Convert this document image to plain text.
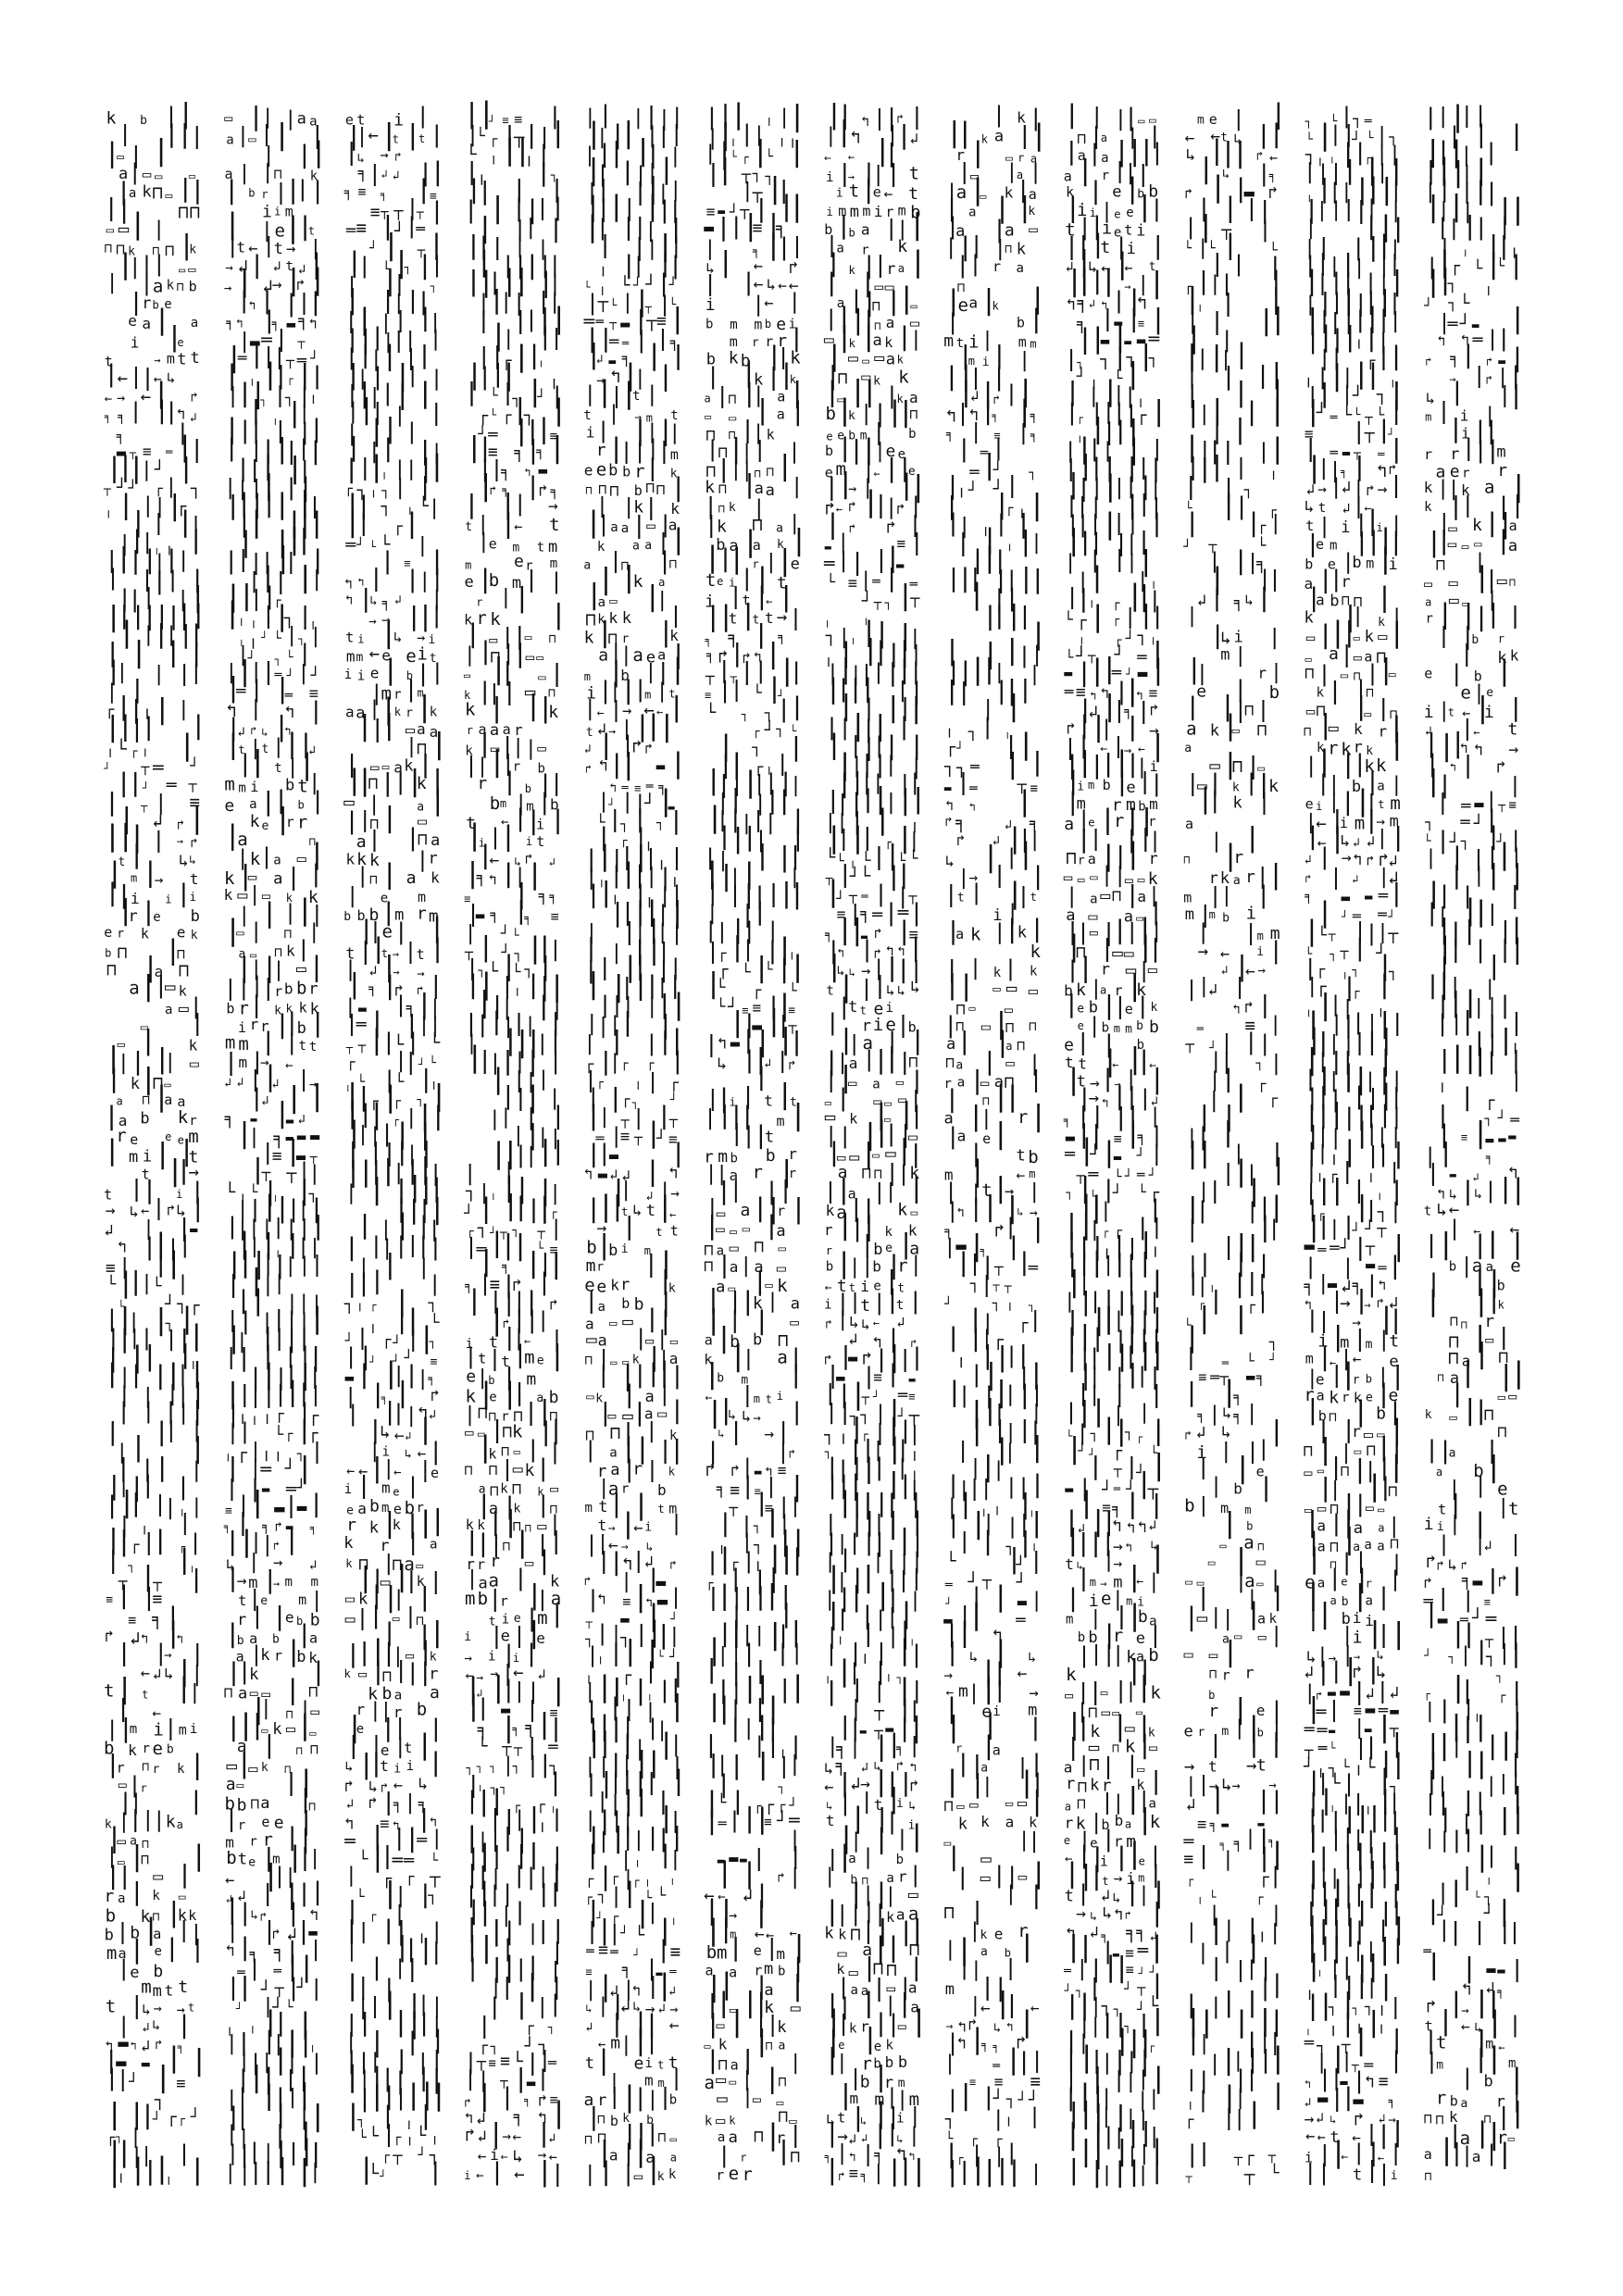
k b | |
| |
|
|
|
▭ | |
a | ▭ ▭ ▭
|
a k ⊓ ▭ |
|
|
|	⊓ ⊓
▭ ▭ | |
⊓ ⊓ k ⊓ ⊓ |
k
|
|
|
| ▭ ▭
| | a k ⊓ b
|
r b e
e a | a
i |
e
t	→ m t t
|
← |
|
← ↳
← → ← | ↱
╕ ╕ | |
|
↰ ↲
╕ |
▬ ┬ ≡ ═ |
|
|
|
|
| ┘ |
┬ ┘ ┘ ┌ | ┐
╷ | | | |
┌
| | |
|
|
|
| ╷ ╷ |
|
|
|
|
|
|
|
| |
| | |
|
| | | |
|
|
|
|
|
|
|
|
| |
|
| |
|
| | | |
|
| | |
|
| |
┌ |
|
╷ | |
|
|
|
| |
╷ └ ┌ ╷ |
┘ ┬ ═ ┘
|
| ┘ ═ ┬
| ┬ | ≡
| ↲ ↱ |
|
|
| | → ↱
t | ↳ ↳
| m |
→ t
|
|
i i |
i
|
r |
e b
e r k e k
b ⊓ |
⊓
⊓ |
a ⊓
a |
|
▭ k
a ▭ |
▭ |
▭ | k
|
| | |
| ▭
| k |
⊓ ▭
a ⊓ |
a a
|
a b k r
r e e e m
| m i | |
t
t |
|
→
t |
| i |
→ ↳ ← | ↱ ↳ |
↲ | |
▬
↰ |
|
|
|
≡ | |
|
└ |
|
| └ |
└ ┘ ┐ ┌
|
|
| |
┐ |
|
|
| | | |
|
| |
| |
╷
|
|
| |
|
| |
| | |
| |
| | | | |
| |
| |
| | |
| | | |
|
| |
| |
|
|
| |
| ╷ |
| ╷ |
|
|
┌ |
| ┌ |
| ┐ |
╷
┬ |
┬ |
≡ | |
≡
≡ ╕ |
↱ ↲ ↰ |
↰
| |
→ |
← ↲ ↳ |
|
t | t |
|
| ←
| |
m i | m i
b k r e b
|
r ⊓ r k |
▭ |
r
|
| |
k |
| |
| k a
|
▭ a ⊓
| ▭ |
⊓ |
|
| ▭ |
r a | k ▭
b k ⊓ |
k k
b | b |
a | |
m a | e | |
| e b
m m t t
t |
↳ → → t
| ↲ ↳ |
↰ ▬ ↰ ↲ ↱ ╕
|
▬ ▬ | |
|
| ┘ | ≡
┐
| |
|
┘ ┌ ┌ ┘
┌ ┐ |
|
|
|
| |
|
╷ |
|
|
╷ |
▭ |
| | a a
a |
▭ | | |
| |
|
a | | ⊓ k
| b r |
|
| |
i i m
| | e |
|
t
|
t ← |
t → |
→ ↲ | ↲ t ↲ |
→ | ↲
→ |
↱ |
|
↰ | |
|
|
╕ ↰ |
╕ ▬ ╕ ↰
|
▬ ═ | ┬
|
═ |
|
| ┬ ═ ┘
| ╷ |
|
┌ |
|
|
|
|
┐ |
┐ |
╷
| ╷ |
|
|
|
| | |
|
| |
|
|
|
|
|
|
|
| |
|
| | |
| | |
|
|
|
|
| |
|
|
| |
|
|
| |
|
|
|
| |
| |
| |
| |
| |
|
|
|
| |
┌
|
╷ ╷ |
|
┐ |
╷
╷ ╷ ┘ └ | ┐ |
|
┘ ┐ └ |
| |
|
|
═ ┘ | ┘
|
═ | |
═ ≡
↰ | ↰ |
|
↲ ↱ ↳ |
↰
|
t | t | |
|
↲
|
| t | |
m m i b t |
e a |
| b |
k e |
r r
|
a	⊓
| k | a ▭ |
k |
▭ a | |
k ▭ | ▭ k k
| | | |
|
|
▭ | ⊓ |
a ▭ ⊓ k |
|
| |
| ▭ |
| | |
|
r b b r
b r | k k k k
i r r |
|
b |
m m | | t t
| m |
→ ←
↲ ↲ | |
↲ |
→
|
↲ | |
╕ ▬ |
▬ ↲
|
| ╕ ▬ ▬ ▬
|
≡ |
▬ ┬
|
┬ ┬ |
|
└ ╷ └ |
╷ |
┐
| | |
|
|
| |
|
| | |
| | | |
|
| |
╷ |
|
|
|
|
|
|
|
| | |
| |
|
|
|
| | | |
| | |
| | |
|
|
| |
|
|
|
|
| | | |
|
|
|
|
|
|
|
|
|
| |
|
|
|
|
|
╷ ╷ ╷ ┌ |
┌
|
| └ ┌ |
┌
╷ ┌ | ╷ ╷ ┐ |
| | ═ ┘ |
| | ▬ ═ ┘
≡ |
| ▬ |
▬ |
╕ | ╕ ↱ ▬ ╕
|
|
|
| ↱ |
↳ | → ↲
|
→ m |
→ m m
t |
e m |
r | |
e b b
|
b a b |
a
a |
k r |
b k
|
|
k |
⊓ a ▭ ▭ | ⊓
|
| ⊓ |
▭
|
|
|
▭ k ▭ |
▭
a | ⊓ ⊓
▭ |
▭ k ⊓
a ▭ |
|
b b ⊓ a |
⊓
| r e e |
m r r |
|
b t e |
m |
|
|
← |
|
|
↲ ↲ | |
|
|
|
|
↳ ↱ | ↰
| |
↱ ↲
|
▬
↰ |
╕ ╕ | |
═ | ═ |
|
|
| ┘ ┬ |
┘ |
┘ |
┘ └
╷ ╷ |
| |
|
| |
|
|
|
╷
|
|
| |
| |
|
|
| |
|
|
| |
|
|
|
|
| | |
|
| | | |
|
|
| |
|
|
|
|
| |
|
|
| |
|
e t i |
|
| ← |
t |
t |
|
↳ → ↱
╕ | ↲ ↲ |
|
╕ ≡ ╕ |
≡
≡ ┬ ┬ |
┬ |
═ ≡ |
┘ |
═
┘ | ┬ |
|
| └ |
┐ |
|
| |
| ┐
| |
| |
|
|
| | | |
|
|
|
|
|
|
| |
| |
| | | |
|
| | |
| |
|
|
| | | |
|
|
| | |
| |
| |
| | | |
|
|
|
|
╷ | | |
|
┌ ┐ ╷ ┐ | |
|
| ┐ ╷ └ |
|
| ┌ |
═ ┘ └ └ |
| ≡ |
↰ ↰ | |
| |
↰ |
↳ ╕ ↲ |
→ → |
|
|
t i |
↳ → i
m m ← e e i t
i i e | b | |
|
m r |
m
a a | |
k r |
k
|
|
| ▭ a a
|
⊓ |
| ▭ ▭ a k |
|
|
⊓ |
|
|
k |
▭ |	a |
| |
⊓ | ▭
a | |
⊓ a
k k k | r
| ⊓ | a k
| e m
b b b |
m r m
|
| e | |
t |
|
t → |
t |
| ↲ |
→ →
| ╕ |
↱ ↱ |
| ▬ |
╕ |
|
|
═ | |
|
|
┬ ┬ |
|
└ | └
┌ |
| ┘ └
╷ └ |
└ |
╷
|
|
┌ |
┌ ┐ |
|
|
| ┌ |
|
|
|
| |
| | |
| | |
|
| |
|
|
|
|
| |
|
|
| | |
|
|
|
|
|
|
|
| | | |
|
| |
| |
|
|
|
| | |
|
|
| |
┐ ╷ ┌ | ┐
╷ |
| └
┘ | ┌ ┘ |
|
┐
| |
┘ ┘ ┘ ≡
▬ | |
| |
|
╕
| |
╕ | ↱
| |
| | ↰ ↲
|
↳ ← ↲ |
| i ↳ ← |
← ← |
|
← |
e
i | m e |
e a b m e b r
r k |
k |
|
|
k r | a
k ⊓ |
⊓ a ▭
|
|
▭ |
|
k |
▭ k |
|
| |
▭ | | ▭ |
⊓
| |
|
|
|
|
|
| ▭ |
k
k ▭ |
⊓ |
|
|
r
k b a a
r |
| r b
|
e |
| |
| |
e |
t |
↳ |
|
t i i |
↱ ↳ ↱ ← ↳
↲ ↱ |
╕ | ╕
↰ ≡ ↰ |
↰
═ | |
|
═ |
└ |
|
═ ═ └
| ┌ ┌ ┬
└ |
| |
┐
| ┌ |
|
| |
| ╷ |
| |
| |
|
| |
|
|
| |
|
| | |
| |
|
| |
|
| |
| | | |
|
|
| | | |
|
|
|
|
| |
|
|
|
|
|
|
|
|
|
┐ | ╷ |
└ └ |
┌ ╷ └ ╷
┌ ┬ ┘ ┐
|
└ ┘ |
|
|
┘ ≡ ≡ |
|
└ ┌ |
┬ |
|
|
└ ╷ |
|
╷ |
|
╷ | ┐
|
| | |
| | |
|
| |
| |
| |
|
| | | |
| |
|
|
|
|
|
|
|
|
| |
|
|
|
| | |
|
| |
|
|
|
|
| |
|
| |
┌ |
|
╷
|
|
|
| ╷
| └ |
┐ |
┘ |
┌ └ ┌ |
┐ |
┘ ═ |
|
|
≡
|
|
≡ ╕ |
╕ |
|
|
╕ ↰ ▬
|
↱ ╕ |
↱ ╕
| |
| →
t | |
← t
|
e m t m
m	e r m
e |
b m | |
r | |
k r k |
| ▭ |
|
▭ ⊓
| |
⊓ |
|
▭ ▭
▭ |
| ▭ |
k |
| | ▭ ⊓
k | |
|
k
r a a a r
k |
▭ |
| | ▭
|
| |
|
r b
r | b |
|
b m |
m |
b
t ← |
|
i |
|
i |
| i t
|
← ↳ ↱ ↲
|
╕ ↰ |
| |
≡ | ╕ ╕
|
▬ ╕ |
╕ ≡
| ┘ └
┬ | ┘ ┐ |
|
|
| ┐ └ |
└ ┐ |
|
| |
╷ |
|
|
|
|
| |
|
|
| |
|
|
| |
| |
|
|
| |
|
|
|
|
|
| |
| |
| |
|
|
| |
|
| | |
| |
| |
|
|
|
| |
|
| |
┐ | ╷ |
| |
|
┘ | |
|
|
|
┌
┌ ┐ ┘ ┬ ┐ ┬ |
|
═ |
|
| └ ≡
| ╕ |
|
|
╕ |
≡ |
↱ |
| |
|
|
| ↱
|
↱ |
|
|
i t |
|
← |
| t | t |
m e |
e | b | m
k |
e |
| a b
| ⊓ ⊓ r ⊓ |
|
⊓
▭ ▭ |
⊓ k |
|
|
k ⊓ ▭ | |
⊓ ⊓ |
▭ k |
a ⊓ k ⊓ k ▭
|
a |
k | ⊓
k k |
|
⊓ ⊓ ▭ |
|
|
| ⊓ | | |
r r r ▭ |
| a a | k
m b |
r |
| a
t i e |
m |
i |
e | |
e
→ i |
i |
← → → |
← ↲
|
↲ |
|
| | |
|
| ▬ | ≡
╕ |
╕ ╕ |
|
└ ┬ ┬ | ═
┐ ┐ ┐ |
┐ |
|
┐
|
╷ ┐ ┐ |
|
|
| ┌ ┌ ╷
|
|
| |
╷ |
|
| |
|
|
|
|
| |
| |
|
| | |
|
|
|
|
|
|
| |
|
|
| | |
| |
| |
| |
|
| | |
| |
|
|
| |
|
| | |
| | | |
| ┌ ┐
┌ ┐ ┘ ┐
|
┬ ≡ ≡ └ |
|
═
| | ┬ |
▬ |
↱ | | ╕ ↱ ≡
↰ ↲ ╕ ↰ |
↱ ↲ |
→ ← |
↲
← i ← ↳ → ←
i ← | ← |
|
| | | | | |
|
| |
| |
| |
| |
| |
| |
|
| | |
| |
|
| |
|
| |
|
|
|
| |
|
|
|
| |
|
| |
| | |
|
|
╷ |
| |
|
└ ╷ └ ┘ ┘ |
┘
|
┬ └ | |
┬ |
└
═ ═ ┬ ▬ |
┬ ≡ |
|
|
═ ═ | | ╕
|
↲ ▬ ╕ | |
→ ↰ |
| |
| |
|
|
t |
t | → m t
i | |
| |
|
r |
| | |
|
m
e e b b r | k
⊓ ⊓ ⊓ b ⊓ ⊓ |
| |
k | k
|
| a a | ▭ |
a
k a a | |
a |
⊓ |
⊓
| |
k a
|
a ▭ |
|
⊓ k k k |
k |
⊓ r |
k
a |
| a e a |
m |
b | | |
i |
| |
|
m | t
| ← | → ← ← |
t ↲ → | |
|
|
↲ | |
↱ ↱
↱ ↰ |
| ▬ |
↰ ═ ≡ ═ ╕
|
┘ | |
┘ |
▬
└ |
┐ | ┐ |
| ┌ |
╷
|
|
|
|
|
| ╷ |
| ╷ |
|
|
| |
╷
|
|
╷ |
╷ |
|
|
|
|
|
|
|
| |
| |
| |
| | |
|
|
| | |
| |
|
| |
|
|
|
| |
|
|
| |
|
|
|
| |
| |
| | | |
|
┌ |
| ┌ ┌ |
|
┌ ╷ | ┌
| |
┌ ┐	┘
|
| ┬ | |
┬
═ |
≡ ┬ |
┘ ≡
|
|
▬ |
↰ ▬ ↲ ↲ | ↰
|
| ↲ | →
|
|
|
t ↳ t |
←
→ | t t
b |
b i m
m r |
|
e e k r |
k
| a b b |
a ▭ ▭ |
|
▭ a |
▭ | ▭
⊓ | ▭ ▭ k |
| a
| |
|
|
|
|
▭ k | a |
|
▭ ▭
|
a ▭ |
⊓ ⊓ | | k
| a |
| |
|
r a |
r | k
|
a r b
m t | | t m
t → |
← i |
|
| ← → ↳
|
|
↰ |
↲ ↱
↱ | |
▬
|
↰ ≡ |
↰ ▬ |
┬ ▬ | ┘
┐ | |
┐ |
|
|
|
|
╷ |
| |
└ ┘
╷ ┌ | |
| |
|
╷ |
╷ |
|
| | | | |
|
|
|
| |
|
|
| |
| |
|
| |
|
| |
| |
| |
|
|
|
| |
| |
|
| |
| |
|
| |
|
|
| |
|
| |
|
|
| | ╷ |
|
┌ |
┌ |
┌ ╷ ╷
┌ ┐ | | └ └
|
┘ ┌ |
| ╷
|
|
| ┘ └ |
═ ≡ ═ ┘ | ≡
≡ ╕ |
▬ ═
| |
↲ |
↰ |
|
↲
↳ | |
↲ ↳ → ↲ →
↲ | |
| ←
← m | |
|
t | e i t t
| m m |
a r | |
|
| |
b
|
⊓ b k b
⊓ ⊓ |
|
|
⊓ ▭
|
a |
|
a a
| | |
▭ |
k k
|
|
| ╷ |
|
|
|
╷ |
| ╷ ╷
| |
└ ┌ |
└ |
|
| ┬ ┐ ┐
|
┬ |
|
≡ ▬ ┘ ┬ | |
|
▬ |
|
|
≡ |
╕
|	╕ |
|
|
↳ | ← ↱
| |
← ↳ ← ←
i | ← |
b m m b e i
m r r r |
b k b |
| k
| |
k |
|
k
a |
⊓ |
| a |
▭ ▭ | a |
⊓ ⊓ |
| k
|
⊓ |
| | |
⊓ |
|
| ⊓ ⊓ |
k ⊓ |
a a |
| ⊓ k |
|
k ⊓ a |
b a |
a k |
|
|
| r |
|
e
t e i | | t
i | t |
← |
|
|
t |
t t → |
╕ ╕ | ╕
╕ ↱ |
↱ ↰ |
┬ |
┬ | | |
|
≡ |
| └ |
┘
└ ┐ ┐ |
|
┌ ┘ ┐ └
| ┐ |
|
| ┌ ╷ |
|
|
|
|
|
| |
|
|
| |
|
|
|
| |
|
| | |
|
|
|
| |
| | | |
|
|
|
| | |
| | |
| |
|
|
| |
|
|
| |
| |
|
┌ |
| |
|
╷
┌ └ |
└ |
|
|
└ ┌ └
└ ┘ ≡ ≡ |
|
≡
|
|
▬ |
|
┬
|
↰ ▬ |
| |
|
↳ |
|
↲ |
↱
|
|
|
i | t |
t
| |
|
| m |
|
|
|
t
r m b b r
|
| a r |
r
|
| | |
|
▭ a |
|
r |
|
▭ ▭ ▭ |
a
⊓ a ▭ ⊓ ▭
⊓ |
a | a ▭
a ▭ |
▭ k
| |
|
k | a
| | | ▭
a |
b b ⊓
k |
| a |
|
b m |
← | m t i
|
|
↳ ↳ → |
↳ | → |
|	|
↱
↱ ↱ | ▬ ↰ ≡
╕ ≡ | ≡ | |
┬ |
≡ |
|
| | ┐ |
|
╷ | ┐ |
|
|
|
┌ |
╷ |
|
|
┌ | |
|
|
|
|
|
|
|
|
| |
|
|
| | |
|
|
|
| | | | |
| | |
|
|
|
| |
|
|
|
| |
|
| | |
|
| | |
╷ |
|
| | | |
|
|	┐
|
└ | ┌ ┌ ┌ ┘
|
═ | |
|
≡ ┘ ═
|
▬ ▬ ▬ | |
| | ↱ |
← ← ↲ |
|
|
→ |
|
|
m ← ← ←
b m | e |
m |
a a r m b |
|
| |
a |
|
|
▭ |
|
k ▭
|
▭ | |
|
k
▭ k |
⊓ a
|
⊓ a | |
a ▭ ▭ | |
⊓
▭ |
▭ ▭
k ▭ k	⊓ ▭
a a ⊓ |
r |
| r |
⊓
r e r
|
| ↰ |
|
↱ |
|
|
↰ |
|
↲
← ← |
|
i |
→ |
| | t
i t |
e ← t
i m m m i r m b
b |
b a |
| |
|
a r k
| k |
|
r a |
| |
▭ ▭
a |
|
⊓ |
|
▭
|
|
|
|
⊓ a ▭
▭ |
k |
a k |
|
| ▭ ▭ ▭ a k
|
⊓ ▭ k k
|
▭ |
| |
k a
b |
k | | |
|
⊓
e e b m | b
b |
|
|
| e e
e m |
← |
|
e
|
|
→ | |
|
↱ ← ↱ |
|
|
↱ |
| ↱ ↱ |
▬ |	≡ |
═ | | |
|
▬
└ ≡ | ═ | ═
┘ ┬ ┐ |
┬
╷	╷
┐ | ╷ |
| |
|
╷ | |
|
|
|
|
|
|
|
|
| |
|
|
|
|
|
| | |
| | |
|
|
| |
|
|
| |
| |
|
|
| |
|
|
|
|
| |
|
|
|
| |
|
|
| |
|
|
| |
|
| | | | ╷
|
|
|
| ┌ |
|
└ └ ╷ └ |
|
└ └
┬ |
┘ └ |
|
|
┘ ┬ ═ | |
┬
≡ |
╕ ═ | ═ |
╕ |
|
▬ ↱ |
≡
|
↰ | ↱ ↰ ↰ |
|
↳ ↳ → |
|
|
|
t | | |
↳ ↳ ↳
|
t t e i
| r i e |
b
|
| a | |
|
| a |
|
|
|
⊓
| |
▭ a ▭ |
▭ | ▭ ▭ ▭ |
▭ k |
▭ |
|
| | |
|
| |
▭
|
▭ ▭ |
▭ ▭ |
|
a ⊓ ⊓ |
| k
|
|
a |
| |
k a |
| k ▭
r |
|
| k k
r |
b e |
a
b |
| |
b |
r |
← t t i e |
t
i |
|
t |
|
t |
↱ | ↳ ↳ ← ↲
↲ ↰ | ↱
↱ |
▬ ↱ |
|
|
|
|
▬ |
≡ | ▬
| |
|
┬ ┘ ═ ≡
| |
┐ ┐ | |
┘ ┬
┐ ╷ |
┌ |
|
|
|
┐ |
|
| |
| ╷
|
| |
|
| | ╷
|
|
| |
|
|
|
|
|
|
| |
| |
|
|
| |
|
| | |
| |
|
| | | | | |
|
| |
| |
| |
| |
| |
| |
|
| | |
| |
|
╷ | |
|
╷
| |
╷ | |
|
╷ |
| |
╷ ┐
| | | |
|
| ┬ |
|
|
|
▬ ┬ ▬ |
|
|
╕ | |
|
╕ |
↳ ╕ ↲ ↳ ↱ ↰
← |
↲ → |
|
|
↱
↳ | | t |
i ↳
t | |
| i
|
| | | |
|
|
a | b
| b ⊓ a r |
|
| |
| ▭
|
| | |
|
k a a
k k ⊓ |
| |
|
▭ a |
| ⊓
k ▭ |
⊓ ⊓ |
| a a | ▭ |
a
|
| | | |
a
|
|
k r |
|
▭ |
|
e |
e k
|
| r b b b
|
b |
r m
|
m m |
| m
↳ t |
↳ |
|
i |
|
→ ↲ ↲ |
|
↳ |
╕ | ↰ | ╕ ↰ ↰
|
↱ ≡ ╕ | |
|
|
| k |
|
| k a |
|
r | ▭ r a
| ▭ |
a |
|
a |
▭ k |
a
| a | |
k
|
a |
a ▭
| |
| |
⊓ k
|
| r a
⊓
|
e a |
k |
|	b |
m t i | m m
|
m i | |
|
|
| |
|
↲ |
↱ |
|
↰ |
↰ |
╕ |
╕
╕ | ≡ | ╕
| ═ |
═ |
┘ ┐
|
╷ ┘ ┘ |
| |
┌ ╷ |
|
| ╷ | |
| | ╷ |
|
|
|
|
|
|
| |
| |
|
| |
|
|
|
|
|
|
| | |
| |
|
|
|
|
| |
|
| |
|
|
| |
╷ ┐ | ╷
┌ ┘ |
|
┐ ┐ ═ | |
▬ | ═	┬ ≡
↰ ↰ |
↱ ╕	↲ ╕
↱ ↲ |
|
|
↳ | | |
| → | |
| t | |
| t
i |
|
a k |
|
k |
k
| | k | k
|
| ▭ ▭ ▭
⊓ ▭ ▭
|
⊓ ▭ |
⊓ ⊓
a | |
a ⊓
⊓ a | ▭ |
r a |
▭ a ⊓ |
| ⊓ |
|
a |
| r |
|
a e |
| t b
m | ← m
| | t |
→ |
|
↰ |
| |
↳ →
╕ ↱ | |
| ▬ |
╕ |
|
|
| ┬ |
═
┐ | ┬ ┬
┘	┐ ╷ ┐
|
| ┌ |
| |
| ┌
╷ |
|
|
|
|
| |
|
|
| |
|
| |
|
|
|
| |
| |
| |
|
| |
| |
|
|
|
|
|
|
| | | |
|
| ╷ ╷ |
╷
| |
| |
|
|
| | ┐ |
╷
└ |
┘ |
═ ┘ ┬ ┘
┘ | | ▬ |
▬ |
| ═
|
| ↰
| ↳ | ↳
→ |
| ←
← m | |
| →
| e i m
| | |
r |
a
| |
a | |
| |
| |
|
⊓ ▭ ▭ ▭ ▭ |
k k a k
▭	|
|
| ▭
| ▭ |
|
▭ |
| |
⊓ |
| k e r
| | a b |
|
| |
m |
|
|
← |
| ←
→ ↰ ↱ ↳ ↰ |
|
↰ |
╕ ╕ ↱
|	═ |
| |
≡ ≡ ≡
|
| |
┘ ┐ ┘ ┘
┐ | ╷ |
└ ┌ ┌
|
┌ | | |
|
|
|
|
|
| |
| | |
| ▭ ▭
⊓ |
a | |
|
a | a |
|
|
|
a | r |
| |
k | e |
b b
|
i i | e e |
|
t |
|
i e t i
|
| |
t |
i |
↲ |
↳ ← |
← t
|
|
|
| → |
|
↰ ╕ ↲ ↰ | |
↰
╕ | ▬ |
≡ |
|
|
▬ |
▬ ▬ ═
|
┐ ┐ |
┐ |
┐
┘ ╷ └ |
| | |
|
| ╷
|
┌ |
|
|
|
┌ |
╷ |
|
|
|
| |
| | | |
| |
|
| |
|
|
|
| |
|
|
| |
|
|
| | |
|
|
|
|
| |
| | |
|
|
| |
|
|
| | | | |
| | | ╷
|
|
╷ ┌ |
|
|
└ ┌ | ┌ | |
|
╷ ┌ ┘ ┐ ╷
└ ┘ ┬ ┘ ═ |
▬ |
|
|
═ ┘ ▬ |
═ ≡ ↰ ↰ |
|
↰ ≡
|
↲ |
|
╕ |
↱
↱ |
|
| | →
| | ← |
→ ← |
|
|
|
|
|
|
| i
|
i m b |
e |
|
|
m r m b m
a |
e |
r |
|
r
|
| | |
|
⊓ r a |
|
| r
▭ ▭ ▭ | |
▭ ▭ k
| a ▭ ⊓ |
a |
a ▭ a ▭ |
|
| ▭ |
|
|
|
|
|
⊓ |
▭ ▭ |
|
|
| r ▭ |
▭
b k |
a r |
k
|
e b |
|
e | k
e | b m m b b
e | | b
t t |
← |
|
←
|
t → | → | |
|
→ ↰ |
| |
↲
╕ | | |
| |
▬ |
| ≡ |
╕ |
═ |
┘ |
▬ ┘ |
┬ ═ └ ┘ ═ ┘
┐ |
└ |
┘ └ ┌
|
|
| |
|
|
| ┌ ┌ | |
|
|
|
╷ |
|
|
╷
|
|
|
|
|
| |
|
| | |
| |
| |
|
| |
|
| |
|
|
|
|
|
|
|
| |
|
|
|
|
|
| |
|
|
|
|
|
| |
|
| |
|
| | |
|
|
| | |
└ | ┐ |
|
┐ ┌ |
|
┘ ┘ ┌ └
| ┬ |
┘ |
▬ | ┘ ═ ┘ |
┬
| ≡ ╕ | |
|
↲ |
|
↰ ↰ ↰ ↲
|
|
|
|
→ ↰ ↳
t ↳ |
→ |
|
m → m |
← |
| i e | m i
m | |
|
b a
b b |
r e |
|
| |
| k a b
k |
|
▭ |
|
▭ |
|
|
k
| ⊓ ▭ ▭ ▭
|
| k |
▭ |
k
| ▭ ⊓ k |
▭
a |
⊓ | |
▭
r ⊓ k r k |
a ⊓ |
| |
|
a
r k |
b b a |
k
e |
e |
r m
← |
|
i |
|
e |
|
|
|
t → i m |
t | ↲ ↳ |
| |
→ ↳ ↳ ↰ ↱ |
↰ ↲ ╕ ╕ ╕ ↲
|
| |
▬ ≡ ═ |
═ | |
|
|
≡ ┘ ┘
┘ ┐ | ┘ ┬ |
|
|
| ┐ ┐ ┘ └
|
|
|
|
┐ |
|
|
| |
|
|
┌
| |
|
|
|
|
|
| | |
| | |
|
|
|
| |
|
|
|
|
| |
| |
| |
|
| |
|
|
|
| |
| |
|
| |
|
|
|
| |
m e | |
← ← t ↳ |
|
↳ |
|
| ↱ ←
| ↳ |
╕
↱ | |
▬ ↱
| | |
|
| | ┬ |
└ |
└ | └
| | |
┌ |
|
| |
|
╷ | |
| | |
|
| |
|
| |
| |
| | |
|
| | |
|
|
| | |
| |
|
|
|
| |
|
|
|
| | ╷
| | ┐
└ |
| ┌
| |
┌ |
┘ ┬	└
| |
|
╕
| |
|
↲ | ╕ ↳ |
|
|
↳ i |
m |
|
|	r |
e | b
| |
|
⊓ |
a k |
▭ ⊓
a
▭ |
⊓ |
▭
|
▭ | k |
|
k
|
| k |
a
| |
⊓ |
r
r k a r |
|
m |
| |
m |
m b i
| | m m
→ ← i |
↲ |
← →
| |
↲ |
↰ ↱ |
═ ≡ |
┬ ┘ | | |
|
| ┐ |
| | ┌
| | ┌
| |
|
| |
|
| | |
|
|
| |
|
| |
|
| |
|
|
| |
|
|
|
|
|
| | |
|
| ╷ |
|
|
┌ | ┌ |
└ | |
|	┐
| ═ └ ┘
≡ ═ ┬ ▬ ╕
| |
╕
╕ | ↳ ╕ |
↱ ↲ ↳ |
i | |
|
| | e
| b |
b | m m
| b
▭ a ⊓
▭ | ▭
▭ ▭ |
a ▭ |
| | |
|
▭ | | |
a k
a ▭ ▭ |
▭ ▭ |
⊓ r r
b
r | e |
e r m | |
b |
| | |
→ t → t
| |
→ ↳ → →
↲ | |
|
≡ ╕ ▬	▬
═ ╕ ╕ | |
╕
≡ | | |
|
┌	┌ |
╷ └	┌
| |
| |
| |
╷ |
| | |
| |
| |
|
|
| |
| |
|
| | |
|
|
| |
|
|
|
|
| |
|
|
|
| |
|
╷ | |
| |
┌ |
| |
|
| ┬ ┌ ┬
┬	┬ └
┐ └ | ┐ ═
└ |
| |
┘ └ | ┐
┐ ╷ ╷ |
|
┌ | |
| | | | |
| |
╷ |
| | |
|
|
|
|
| | |
|
| |
| |
|
|
| | | |
|
|
|
|
| |
| |
|
|
| |
| | | |
| |
|
|
|
|
|
|
|
|
| |
|
|
|
|
|
|
|
|
╷ |
|
|
| ┌ |
|
╷ |
|
| |
| ╷
|
| | ┘ ┐ |
|
┘ ═ └ └ ┬ └ |
≡ |
┬ |
┘
| ═ ▬ ┬ ═ |
|
|
| ╕ | ↰ ↱
↲ → |
↲ | ↱ → |
↳ t ↲ |
←
t | i |
|
i |
|
e m |
|
|
|
b e |
b m |
i
a |
|
r
|
a b ⊓ ⊓ |
k |
| k |
▭ |
|
|
▭ k ▭ |
▭ a | ▭ a ⊓
⊓ | ▭ ⊓ |
|
▭
k | |
⊓
▭ ⊓ |
▭ | ⊓
⊓ |
▭ k r |
k r k r k |
|
| |
|
k k
|
| b |
a |
e i | |
|
| t m
|
← |
i m
|
→ m
|
← |
↳ ↲ ↲ | |
↲ | → ↰ ↱ ↱ ↲
↱ | ↲ |
↲
╕ ▬ ▬ ═ |
| ┘ ═ ═ ┘
|
└ ┬ |
|
| ┬
└ ┐ ┬ | ┘
|
┌ ╷ ┐ |
┐
|
┌ |
┌ |
╷ |
| | ╷
| |
|
| |
|
|
|
|
| |
|
|
|
|
| |
| |
|
|
| |
|
| |
|
|
|
| | |
|
|
|
|
|
|
|
| |
|
|
| | |
|
| |
|
| ╷ | |
| |
|
╷ ┌ | ╷ |
|
|
| | ╷ |
|
┌ |
| ┐ |
|
|
| |
┘ ┘ ┬
▬ ═ ═ ┘ |
┬ |
| | ▬ ═ |
╕ |
▬ ↲ ╕ |
↰
↰ |
→ |
→ ↱ ↲
|
| → |
|
i |
m |
m |
t
m |
← | ← e
|
e |
|
r b | |
r a k r k e |
e
|
b ⊓ | b |
| |
r ▭ ▭ |
⊓ | | ▭ ⊓ |
|
▭ ▭ |
⊓ |
| |
|
|
| |
|
⊓
▭ ▭ ⊓ |
|
▭ ▭
|
a |
|
a a |
|
a ⊓ |
a a a ⊓
| ⊓ | | |
e a |
e |
r |
| a b |
a |
|
| b i i
|
i |
|
|
↳ | → | → ↳
↲ |
|
|
↱ |
↳
| ↱ ▬ ▬ |
↲ | ↲
|
═ | ≡ ▬ ═ ▬
═ ═ ▬ |
▬ |
┬
┬ ═ └ |
| |
┘ ╷ ┐ └ ╷ └ |
|
|
| └ | |
┐
|
|
╷ | |
╷ |
|
|
| |
|
|
|
|
|
| |
|
| | |
| |
|
|
|
|
|
|
| | |
|
|
|
|
|
|
|
|
| |
| |
|
|
| |
|
|
|
|
|
| | |
|
|
| | |
|
|
|
╷ |
| |
|
╷ | |
|
| |
|
|
┐ |
┐ ┐ ╷ |
╷ ╷ |
╷ |
╷
═ ┐ ┬ | |
| |
|
┬ ═ |
↰ |
|
▬ |
↰ ≡
↲ ▬ |
|
▬ ╕
→ ↲ ↳ ↱ ↲ →
← ← t ← |
|
|
i |
|
← | |
← |
| | t |
| i
|
| |
| |
| | |
|
|
|
| |
|
|
|
| |
| | | |
|
|
|
|
| |
|
|
| |
| |
| ╷ |
|
╷
|
|
┌ └ |
└ |
|
|
┐ ╷
┘ ┐ └
|
═ ┘ ▬ |
↰ ↰ ═ |
|
↱ ╕ | ↱ ▬ |
→ | ↱ | |
↳ | |
|
m | i |
|
i |
|
r r |
|
|
m
a e r r
k |
| k a |
k |
| | |
|
▭ k |
|
a
|
|
▭ ▭ ▭ |
a
⊓ |
▭ ▭ |
|
▭ ⊓
a ▭ ▭ |
r | |
|
| |
| |
b r
| k k
e | b |
e | e
i |
t ← |
i |
↲ | ← t
|
|
|
↰ ↰ →
| ↰ | ↱
|
|	|
| ═ ▬ | ┬ ≡
┐ ═ ┘ |
└ | ┘ ┐ |
┘ |
| | | |
|
|
| | | |
|
| | |
|
| |
|
|
|
|
| |
|
|
| | |
|
| |
|
|
| |
|
|
|
| | |
| |
| | |
|
|
|
╷
|
|
|
|
| |
╷	|
| ┌
|	┐ ┘ ═
| ≡ |
▬ ▬ ▬
| |	╕
| ▬ ↲ ↰
↰ ↳ |
↳ | |
|
t ↳ ←
| ← ←
|
| |
| |
b |
a a e
| |
|
b
| |
|
k
⊓ ⊓ r
⊓ |
▭ |
⊓ a | ⊓
⊓ a | |
|
|	▭ ▭
k ▭ |
|
⊓
⊓
|
|
a |
a b |
| | e
t | |
t
i i | |
| |
↲ |
↱ ↱ ↳ ↱
↱ ╕ ▬ |
↱ |
═ | | ≡
|
▬ ═ ┘ ═
|
| ┬ |
|
┘ ┐ | |
┐ |
|
┐
┌ |
| ┌ |
| | |
╷ |
|
|
| |
|
|
| |
|
|
| |
| |
|
| | | |
|
| |
| |
| | | |
|
| |
|
|
|
| |
| ╷ |
|
| └ ┐
|
┘ ┘ |
|
| | |
|
═
| | ▬ ▬ |
↰ ↲ ╕
↱ |
→ |
|
t | ← ↳ | |
|
t |
m ←
|
m |
| m
| b |
r b a r |
⊓ ⊓ k ⊓ |
|
|
a |
|
r ▭
a |
|
|
a |
|
⊓
